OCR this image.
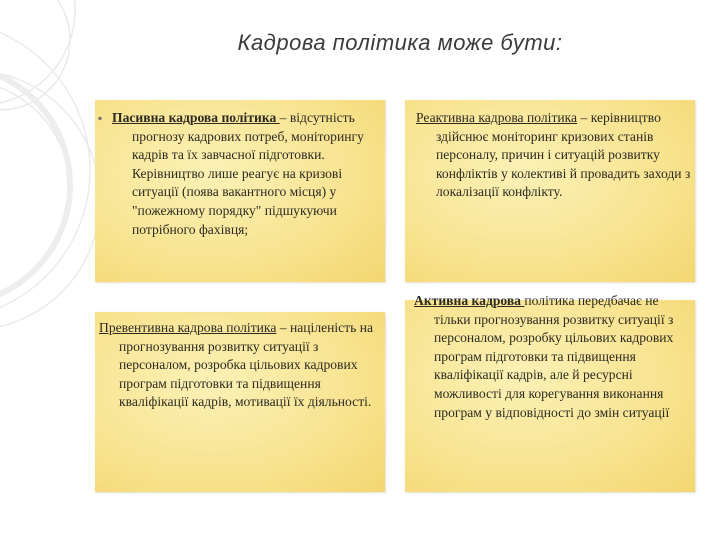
Кадрова політика може бути:
▪ Пасивна кадрова політика – відсутність прогнозу кадрових потреб, моніторингу кадрів та їх завчасної підготовки. Керівництво лише реагує на кризові ситуації (поява вакантного місця) у "пожежному порядку" підшукуючи потрібного фахівця;
Реактивна кадрова політика – керівництво здійснює моніторинг кризових станів персоналу, причин і ситуацій розвитку конфліктів у колективі й провадить заходи з локалізації конфлікту.
Превентивна кадрова політика – націленість на прогнозування розвитку ситуації з персоналом, розробка цільових кадрових програм підготовки та підвищення кваліфікації кадрів, мотивації їх діяльності.
Активна кадрова політика передбачає не тільки прогнозування розвитку ситуації з персоналом, розробку цільових кадрових програм підготовки та підвищення кваліфікації кадрів, але й ресурсні можливості для корегування виконання програм у відповідності до змін ситуації
